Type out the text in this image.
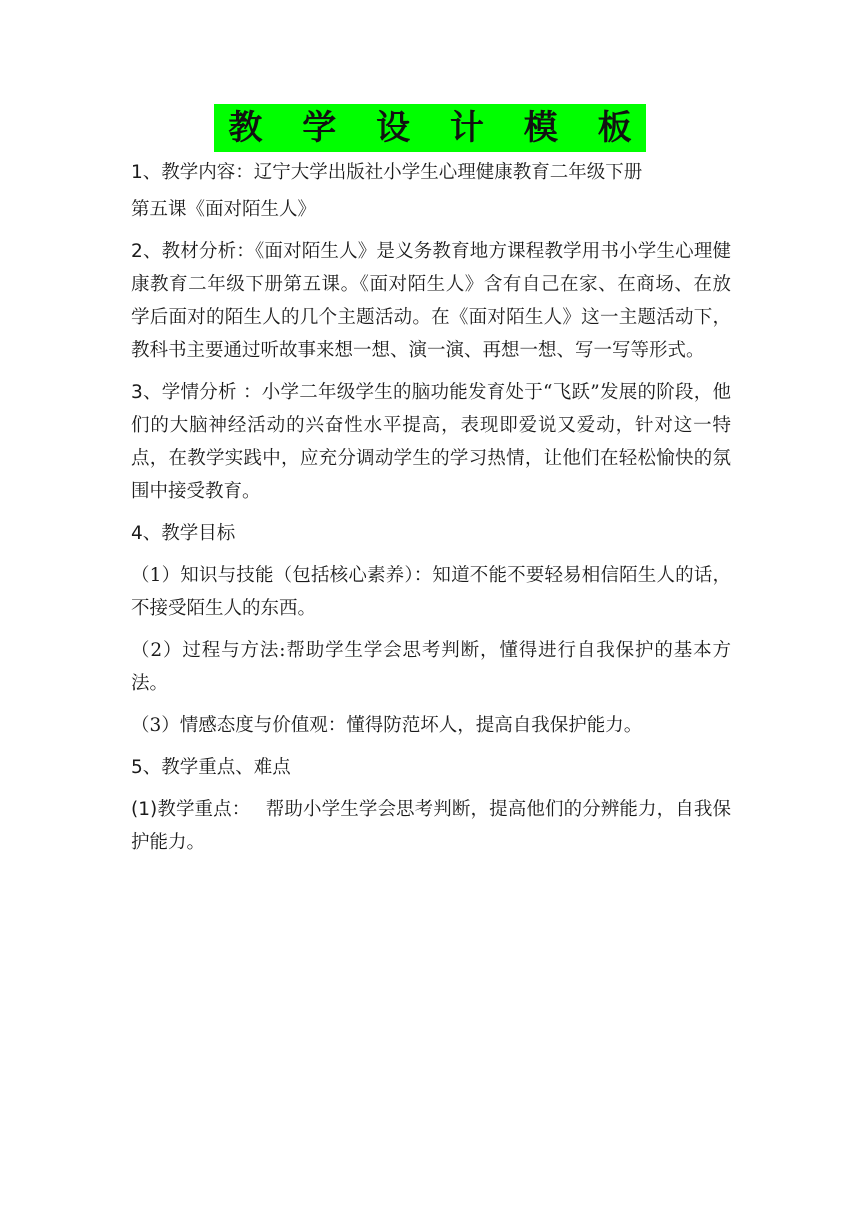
教 学 设 计 模 板

1、教学内容：辽宁大学出版社小学生心理健康教育二年级下册

第五课《面对陌生人》

2、教材分析：《面对陌生人》是义务教育地方课程教学用书小学生心理健康教育二年级下册第五课。《面对陌生人》含有自己在家、在商场、在放学后面对的陌生人的几个主题活动。在《面对陌生人》这一主题活动下，教科书主要通过听故事来想一想、演一演、再想一想、写一写等形式。

3、学情分析 ：小学二年级学生的脑功能发育处于“飞跃”发展的阶段，他们的大脑神经活动的兴奋性水平提高，表现即爱说又爱动，针对这一特点，在教学实践中，应充分调动学生的学习热情，让他们在轻松愉快的氛围中接受教育。

4、教学目标

（1）知识与技能（包括核心素养）：知道不能不要轻易相信陌生人的话，不接受陌生人的东西。

（2）过程与方法:帮助学生学会思考判断，懂得进行自我保护的基本方法。

（3）情感态度与价值观：懂得防范坏人，提高自我保护能力。

5、教学重点、难点

(1)教学重点：　 帮助小学生学会思考判断，提高他们的分辨能力，自我保护能力。
